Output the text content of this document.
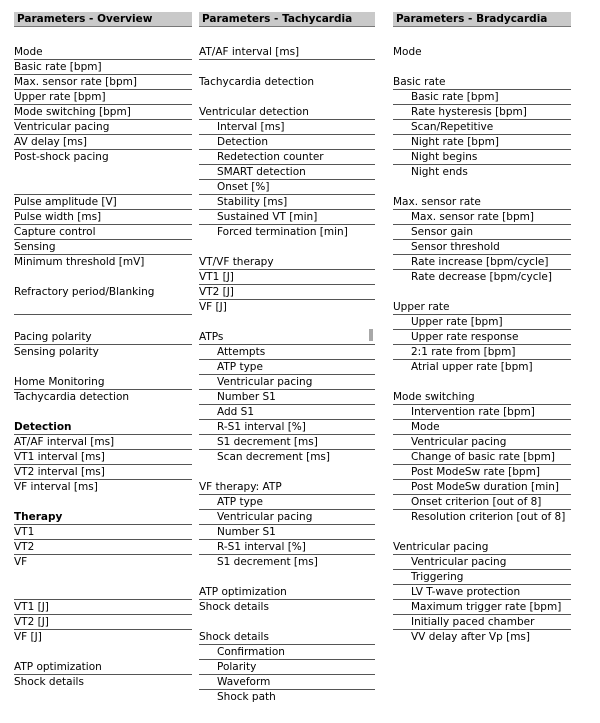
Parameters - Overview
Mode
Basic rate [bpm]
Max. sensor rate [bpm]
Upper rate [bpm]
Mode switching [bpm]
Ventricular pacing
AV delay [ms]
Post-shock pacing
Pulse amplitude [V]
Pulse width [ms]
Capture control
Sensing
Minimum threshold [mV]
Refractory period/Blanking
Pacing polarity
Sensing polarity
Home Monitoring
Tachycardia detection
Detection
AT/AF interval [ms]
VT1 interval [ms]
VT2 interval [ms]
VF interval [ms]
Therapy
VT1
VT2
VF
VT1 [J]
VT2 [J]
VF [J]
ATP optimization
Shock details
Parameters - Tachycardia
AT/AF interval [ms]
Tachycardia detection
Ventricular detection
Interval [ms]
Detection
Redetection counter
SMART detection
Onset [%]
Stability [ms]
Sustained VT [min]
Forced termination [min]
VT/VF therapy
VT1 [J]
VT2 [J]
VF [J]
ATPs
Attempts
ATP type
Ventricular pacing
Number S1
Add S1
R-S1 interval [%]
S1 decrement [ms]
Scan decrement [ms]
VF therapy: ATP
ATP type
Ventricular pacing
Number S1
R-S1 interval [%]
S1 decrement [ms]
ATP optimization
Shock details
Shock details
Confirmation
Polarity
Waveform
Shock path
Parameters - Bradycardia
Mode
Basic rate
Basic rate [bpm]
Rate hysteresis [bpm]
Scan/Repetitive
Night rate [bpm]
Night begins
Night ends
Max. sensor rate
Max. sensor rate [bpm]
Sensor gain
Sensor threshold
Rate increase [bpm/cycle]
Rate decrease [bpm/cycle]
Upper rate
Upper rate [bpm]
Upper rate response
2:1 rate from [bpm]
Atrial upper rate [bpm]
Mode switching
Intervention rate [bpm]
Mode
Ventricular pacing
Change of basic rate [bpm]
Post ModeSw rate [bpm]
Post ModeSw duration [min]
Onset criterion [out of 8]
Resolution criterion [out of 8]
Ventricular pacing
Ventricular pacing
Triggering
LV T-wave protection
Maximum trigger rate [bpm]
Initially paced chamber
VV delay after Vp [ms]
